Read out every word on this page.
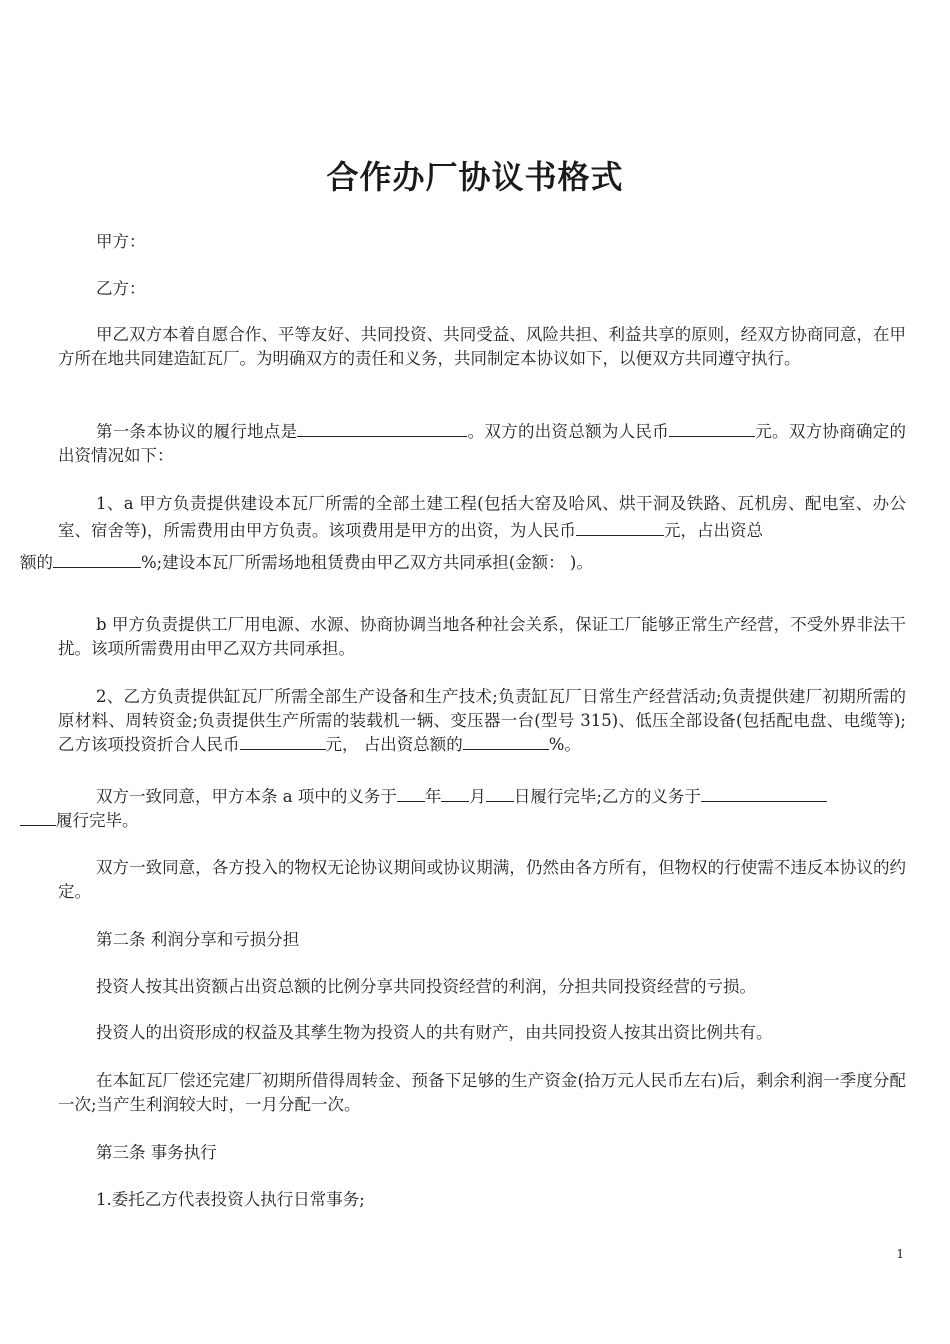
合作办厂协议书格式

甲方：

乙方：

甲乙双方本着自愿合作、平等友好、共同投资、共同受益、风险共担、利益共享的原则，经双方协商同意，在甲方所在地共同建造缸瓦厂。为明确双方的责任和义务，共同制定本协议如下，以便双方共同遵守执行。

第一条本协议的履行地点是	。双方的出资总额为人民币	元。双方协商确定的出资情况如下：

1、a 甲方负责提供建设本瓦厂所需的全部土建工程(包括大窑及哈风、烘干洞及铁路、瓦机房、配电室、办公室、宿舍等)，所需费用由甲方负责。该项费用是甲方的出资，为人民币	元，占出资总
额的	%;建设本瓦厂所需场地租赁费由甲乙双方共同承担(金额： )。

b 甲方负责提供工厂用电源、水源、协商协调当地各种社会关系，保证工厂能够正常生产经营，不受外界非法干扰。该项所需费用由甲乙双方共同承担。

2、乙方负责提供缸瓦厂所需全部生产设备和生产技术;负责缸瓦厂日常生产经营活动;负责提供建厂初期所需的原材料、周转资金;负责提供生产所需的装载机一辆、变压器一台(型号 315)、低压全部设备(包括配电盘、电缆等);乙方该项投资折合人民币	元， 占出资总额的	%。

双方一致同意，甲方本条 a 项中的义务于 年 月 日履行完毕;乙方的义务于
履行完毕。

双方一致同意，各方投入的物权无论协议期间或协议期满，仍然由各方所有，但物权的行使需不违反本协议的约定。

第二条 利润分享和亏损分担

投资人按其出资额占出资总额的比例分享共同投资经营的利润，分担共同投资经营的亏损。

投资人的出资形成的权益及其孳生物为投资人的共有财产，由共同投资人按其出资比例共有。

在本缸瓦厂偿还完建厂初期所借得周转金、预备下足够的生产资金(拾万元人民币左右)后，剩余利润一季度分配一次;当产生利润较大时，一月分配一次。

第三条 事务执行

1.委托乙方代表投资人执行日常事务;

1
